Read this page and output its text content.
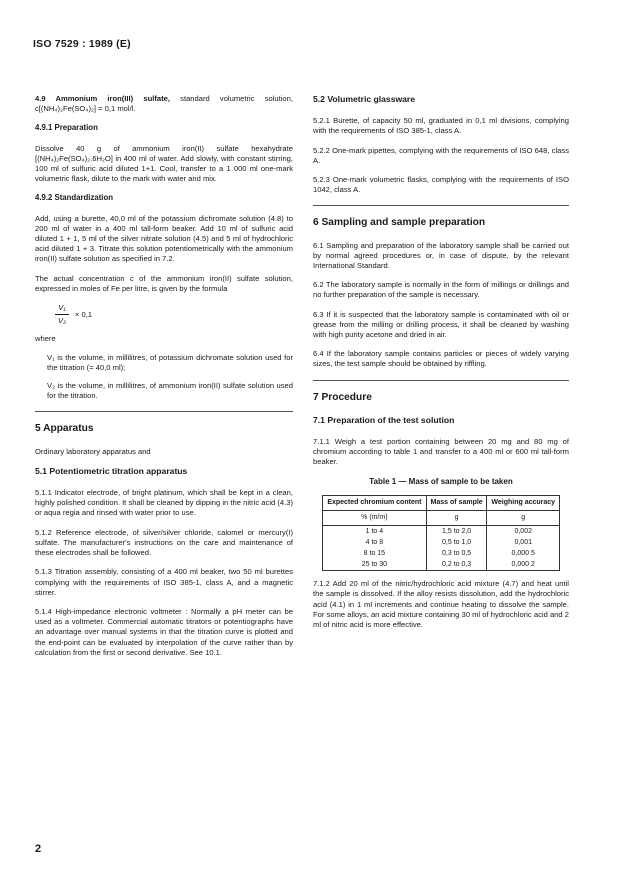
ISO 7529 : 1989 (E)

4.9 Ammonium iron(III) sulfate, standard volumetric solution, c[(NH₄)₂Fe(SO₄)₂] = 0,1 mol/l.

4.9.1 Preparation

Dissolve 40 g of ammonium iron(II) sulfate hexahydrate [(NH₄)₂Fe(SO₄)₂.6H₂O] in 400 ml of water. Add slowly, with constant stirring, 100 ml of sulfuric acid diluted 1+1. Cool, transfer to a 1 000 ml one-mark volumetric flask, dilute to the mark with water and mix.

4.9.2 Standardization

Add, using a burette, 40,0 ml of the potassium dichromate solution (4.8) to 200 ml of water in a 400 ml tall-form beaker. Add 10 ml of sulfuric acid diluted 1 + 1, 5 ml of the silver nitrate solution (4.5) and 5 ml of hydrochloric acid diluted 1 + 3. Titrate this solution potentiometrically with the ammonium iron(II) sulfate solution as specified in 7.2.

The actual concentration c of the ammonium iron(II) sulfate solution, expressed in moles of Fe per litre, is given by the formula

$\frac{\text{V₁}}{\text{V₂}} \times 0,1$
where

V₁ is the volume, in millilitres, of potassium dichromate solution used for the titration (= 40,0 ml);

V₂ is the volume, in millilitres, of ammonium iron(II) sulfate solution used for the titration.

5 Apparatus

Ordinary laboratory apparatus and

5.1 Potentiometric titration apparatus

5.1.1 Indicator electrode, of bright platinum, which shall be kept in a clean, highly polished condition. It shall be cleaned by dipping in the nitric acid (4.3) or aqua regia and rinsed with water prior to use.

5.1.2 Reference electrode, of silver/silver chloride, calomel or mercury(I) sulfate. The manufacturer's instructions on the care and maintenance of these electrodes shall be followed.

5.1.3 Titration assembly, consisting of a 400 ml beaker, two 50 ml burettes complying with the requirements of ISO 385-1, class A, and a magnetic stirrer.

5.1.4 High-impedance electronic voltmeter : Normally a pH meter can be used as a voltmeter. Commercial automatic titrators or potentiographs have an advantage over manual systems in that the titration curve is plotted and the end-point can be evaluated by interpolation of the curve rather than by calculation from the first or second derivative. See 10.1.

5.2 Volumetric glassware

5.2.1 Burette, of capacity 50 ml, graduated in 0,1 ml divisions, complying with the requirements of ISO 385-1, class A.

5.2.2 One-mark pipettes, complying with the requirements of ISO 648, class A.

5.2.3 One-mark volumetric flasks, complying with the requirements of ISO 1042, class A.

6 Sampling and sample preparation

6.1 Sampling and preparation of the laboratory sample shall be carried out by normal agreed procedures or, in case of dispute, by the relevant International Standard.

6.2 The laboratory sample is normally in the form of millings or drillings and no further preparation of the sample is necessary.

6.3 If it is suspected that the laboratory sample is contaminated with oil or grease from the milling or drilling process, it shall be cleaned by washing with high purity acetone and dried in air.

6.4 If the laboratory sample contains particles or pieces of widely varying sizes, the test sample should be obtained by riffling.

7 Procedure
7.1 Preparation of the test solution

7.1.1 Weigh a test portion containing between 20 mg and 80 mg of chromium according to table 1 and transfer to a 400 ml or 600 ml tall-form beaker.

Table 1 — Mass of sample to be taken
Expected chromium content	Mass of sample	Weighing accuracy
% (m/m)	g	g
1 to 4	1,5 to 2,0	0,002
4 to 8	0,5 to 1,0	0,001
8 to 15	0,3 to 0,5	0,000 5
25 to 30	0,2 to 0,3	0,000 2

7.1.2 Add 20 ml of the nitric/hydrochloric acid mixture (4.7) and heat until the sample is dissolved. If the alloy resists dissolution, add the hydrochloric acid (4.1) in 1 ml increments and continue heating to dissolve the sample. For some alloys, an acid mixture containing 30 ml of hydrochloric acid and 2 ml of nitric acid is more effective.

2
